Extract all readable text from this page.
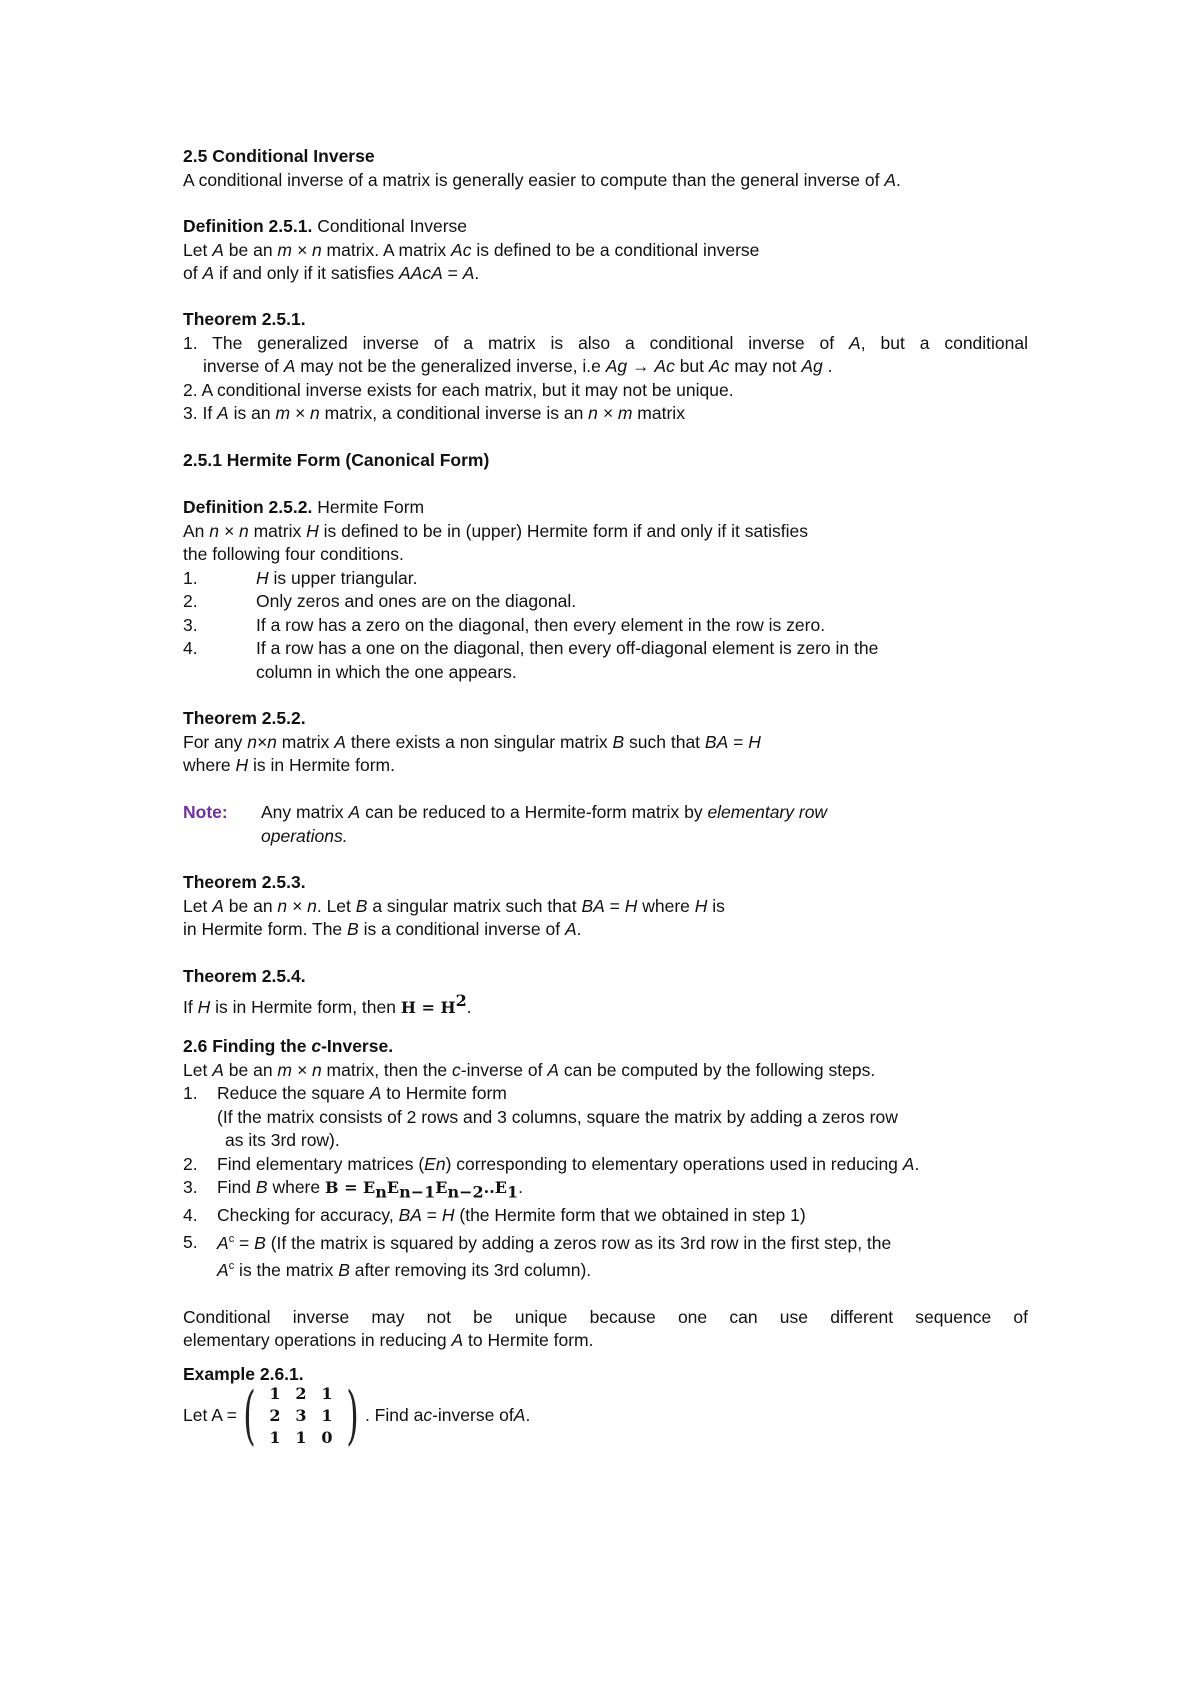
2.5 Conditional Inverse
A conditional inverse of a matrix is generally easier to compute than the general inverse of A.
Definition 2.5.1. Conditional Inverse
Let A be an m × n matrix. A matrix Ac is defined to be a conditional inverse
of A if and only if it satisfies AAcA = A.
Theorem 2.5.1.
1. The generalized inverse of a matrix is also a conditional inverse of A, but a conditional
inverse of A may not be the generalized inverse, i.e Ag → Ac but Ac may not Ag .
2. A conditional inverse exists for each matrix, but it may not be unique.
3. If A is an m × n matrix, a conditional inverse is an n × m matrix
2.5.1 Hermite Form (Canonical Form)
Definition 2.5.2. Hermite Form
An n × n matrix H is defined to be in (upper) Hermite form if and only if it satisfies
the following four conditions.
1.	H is upper triangular.
2.	Only zeros and ones are on the diagonal.
3.	If a row has a zero on the diagonal, then every element in the row is zero.
4.	If a row has a one on the diagonal, then every off-diagonal element is zero in the
column in which the one appears.
Theorem 2.5.2.
For any n×n matrix A there exists a non singular matrix B such that BA = H
where H is in Hermite form.
Note: Any matrix A can be reduced to a Hermite-form matrix by elementary row
operations.
Theorem 2.5.3.
Let A be an n × n. Let B a singular matrix such that BA = H where H is
in Hermite form. The B is a conditional inverse of A.
Theorem 2.5.4.
If H is in Hermite form, then $H = H^2$.
2.6 Finding the c-Inverse.
Let A be an m × n matrix, then the c-inverse of A can be computed by the following steps.
1. Reduce the square A to Hermite form
(If the matrix consists of 2 rows and 3 columns, square the matrix by adding a zeros row
as its 3rd row).
2. Find elementary matrices (En) corresponding to elementary operations used in reducing A.
3. Find B where $B = E_nE_{n-1}E_{n-2}..E_1$.
4. Checking for accuracy, BA = H (the Hermite form that we obtained in step 1)
5. $A^c = B$ (If the matrix is squared by adding a zeros row as its 3rd row in the first step, the
$A^c$ is the matrix B after removing its 3rd column).
Conditional inverse may not be unique because one can use different sequence of
elementary operations in reducing A to Hermite form.
Example 2.6.1.
Let A = ( 1 2 1
2 3 1
1 1 0 ) . Find a c -inverse of A .
